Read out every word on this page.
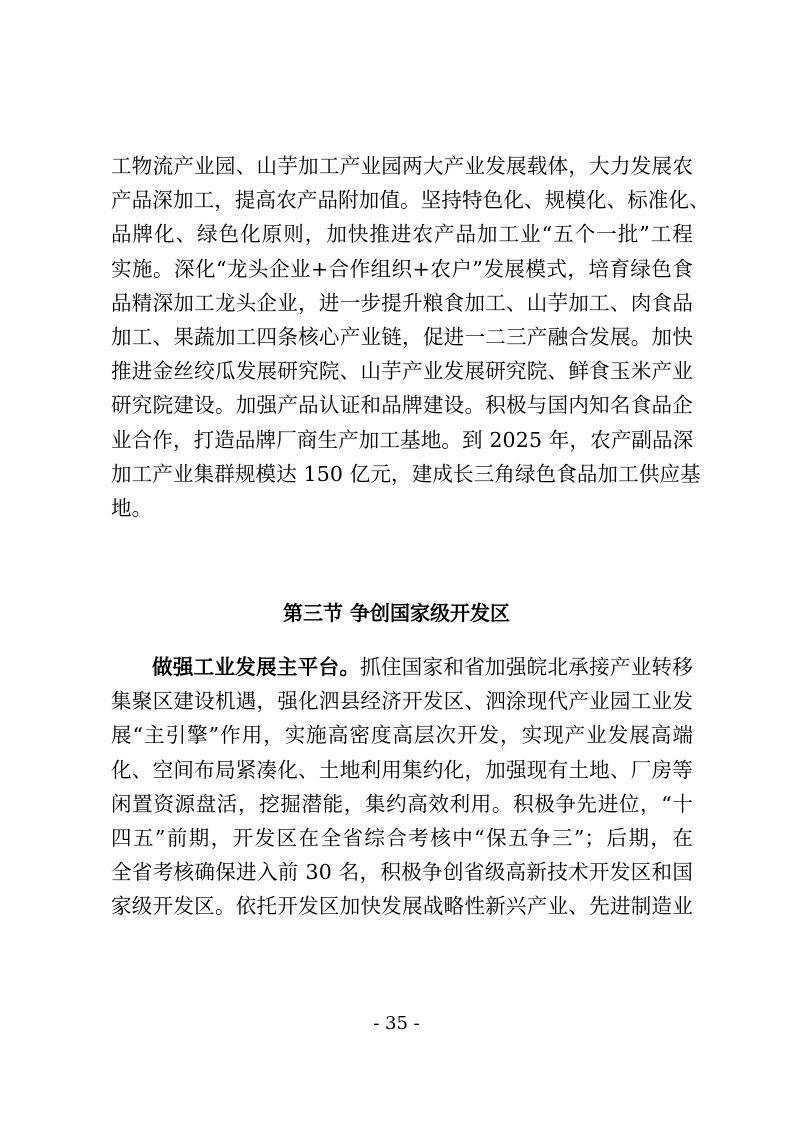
工物流产业园、山芋加工产业园两大产业发展载体，大力发展农
产品深加工，提高农产品附加值。坚持特色化、规模化、标准化、
品牌化、绿色化原则，加快推进农产品加工业“五个一批”工程
实施。深化“龙头企业+合作组织+农户”发展模式，培育绿色食
品精深加工龙头企业，进一步提升粮食加工、山芋加工、肉食品
加工、果蔬加工四条核心产业链，促进一二三产融合发展。加快
推进金丝绞瓜发展研究院、山芋产业发展研究院、鲜食玉米产业
研究院建设。加强产品认证和品牌建设。积极与国内知名食品企
业合作，打造品牌厂商生产加工基地。到 2025 年，农产副品深
加工产业集群规模达 150 亿元，建成长三角绿色食品加工供应基
地。
第三节 争创国家级开发区
做强工业发展主平台。抓住国家和省加强皖北承接产业转移
集聚区建设机遇，强化泗县经济开发区、泗涂现代产业园工业发
展“主引擎”作用，实施高密度高层次开发，实现产业发展高端
化、空间布局紧凑化、土地利用集约化，加强现有土地、厂房等
闲置资源盘活，挖掘潜能，集约高效利用。积极争先进位，“十
四五”前期，开发区在全省综合考核中“保五争三”；后期，在
全省考核确保进入前 30 名，积极争创省级高新技术开发区和国
家级开发区。依托开发区加快发展战略性新兴产业、先进制造业
- 35 -
